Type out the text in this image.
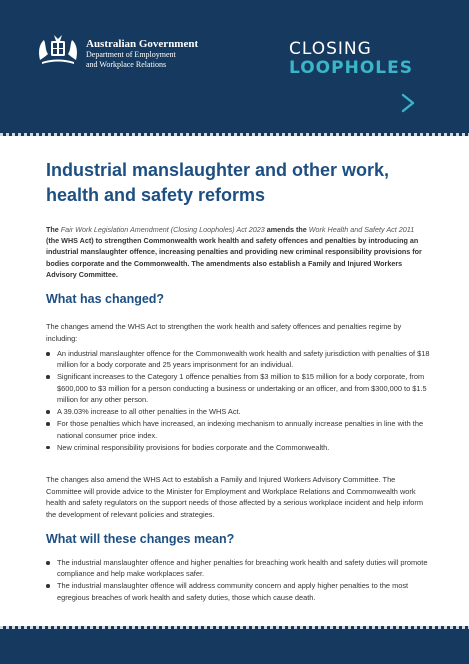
Australian Government
Department of Employment
and Workplace Relations
CLOSING
LOOPHOLES
Industrial manslaughter and other work, health and safety reforms

The Fair Work Legislation Amendment (Closing Loopholes) Act 2023 amends the Work Health and Safety Act 2011 (the WHS Act) to strengthen Commonwealth work health and safety offences and penalties by introducing an industrial manslaughter offence, increasing penalties and providing new criminal responsibility provisions for bodies corporate and the Commonwealth. The amendments also establish a Family and Injured Workers Advisory Committee.

What has changed?

The changes amend the WHS Act to strengthen the work health and safety offences and penalties regime by including:

An industrial manslaughter offence for the Commonwealth work health and safety jurisdiction with penalties of $18 million for a body corporate and 25 years imprisonment for an individual.
Significant increases to the Category 1 offence penalties from $3 million to $15 million for a body corporate, from $600,000 to $3 million for a person conducting a business or undertaking or an officer, and from $300,000 to $1.5 million for any other person.
A 39.03% increase to all other penalties in the WHS Act.
For those penalties which have increased, an indexing mechanism to annually increase penalties in line with the national consumer price index.
New criminal responsibility provisions for bodies corporate and the Commonwealth.

The changes also amend the WHS Act to establish a Family and Injured Workers Advisory Committee. The Committee will provide advice to the Minister for Employment and Workplace Relations and Commonwealth work health and safety regulators on the support needs of those affected by a serious workplace incident and help inform the development of relevant policies and strategies.

What will these changes mean?
The industrial manslaughter offence and higher penalties for breaching work health and safety duties will promote compliance and help make workplaces safer.
The industrial manslaughter offence will address community concern and apply higher penalties to the most egregious breaches of work health and safety duties, those which cause death.
